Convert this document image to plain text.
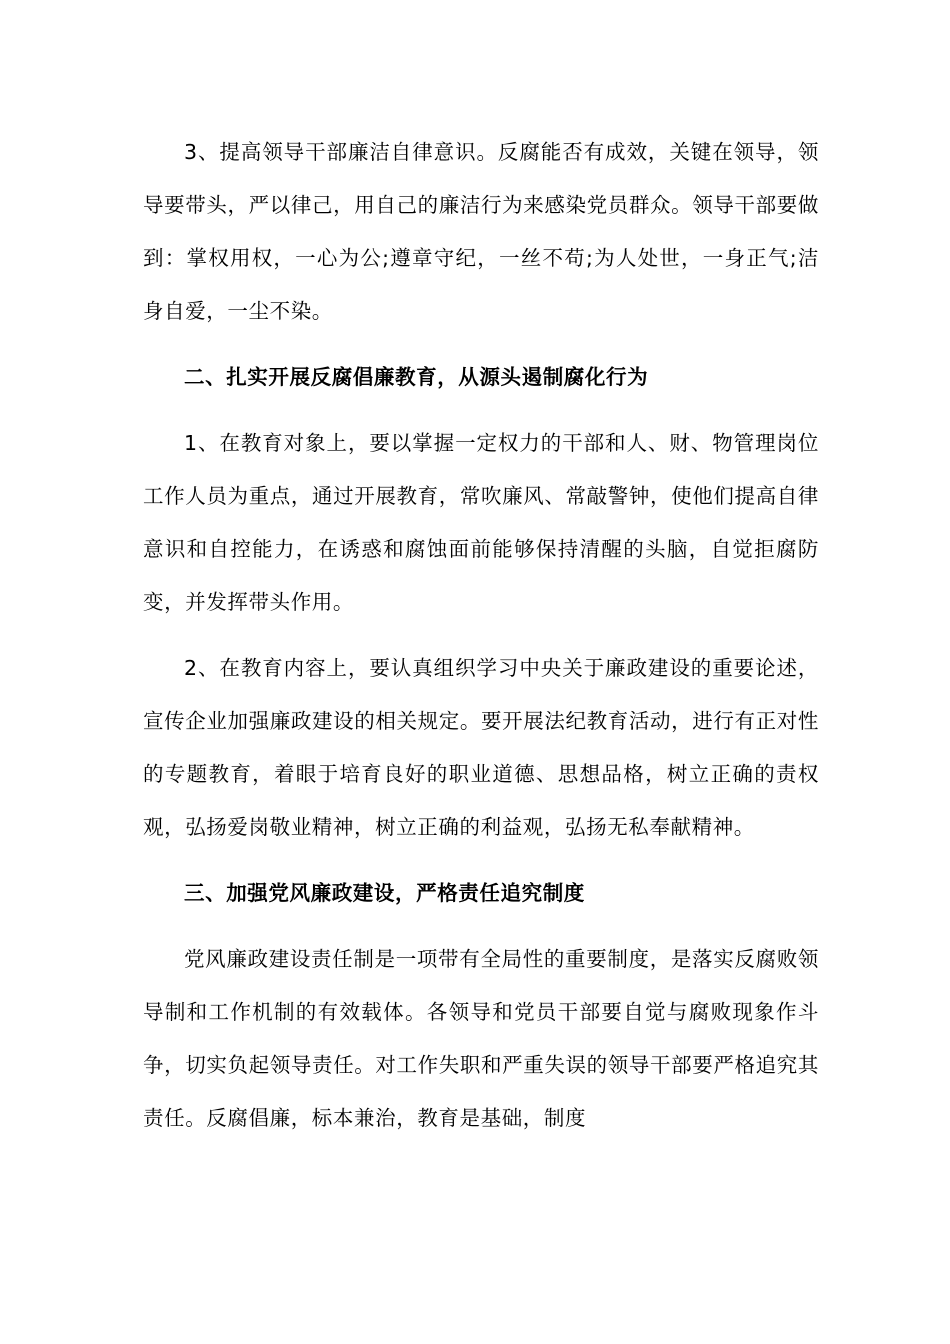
3、提高领导干部廉洁自律意识。反腐能否有成效，关键在领导，领导要带头，严以律己，用自己的廉洁行为来感染党员群众。领导干部要做到：掌权用权，一心为公;遵章守纪，一丝不苟;为人处世，一身正气;洁身自爱，一尘不染。

二、扎实开展反腐倡廉教育，从源头遏制腐化行为

1、在教育对象上，要以掌握一定权力的干部和人、财、物管理岗位工作人员为重点，通过开展教育，常吹廉风、常敲警钟，使他们提高自律意识和自控能力，在诱惑和腐蚀面前能够保持清醒的头脑，自觉拒腐防变，并发挥带头作用。

2、在教育内容上，要认真组织学习中央关于廉政建设的重要论述，宣传企业加强廉政建设的相关规定。要开展法纪教育活动，进行有正对性的专题教育，着眼于培育良好的职业道德、思想品格，树立正确的责权观，弘扬爱岗敬业精神，树立正确的利益观，弘扬无私奉献精神。

三、加强党风廉政建设，严格责任追究制度

党风廉政建设责任制是一项带有全局性的重要制度，是落实反腐败领导制和工作机制的有效载体。各领导和党员干部要自觉与腐败现象作斗争，切实负起领导责任。对工作失职和严重失误的领导干部要严格追究其责任。反腐倡廉，标本兼治，教育是基础，制度
